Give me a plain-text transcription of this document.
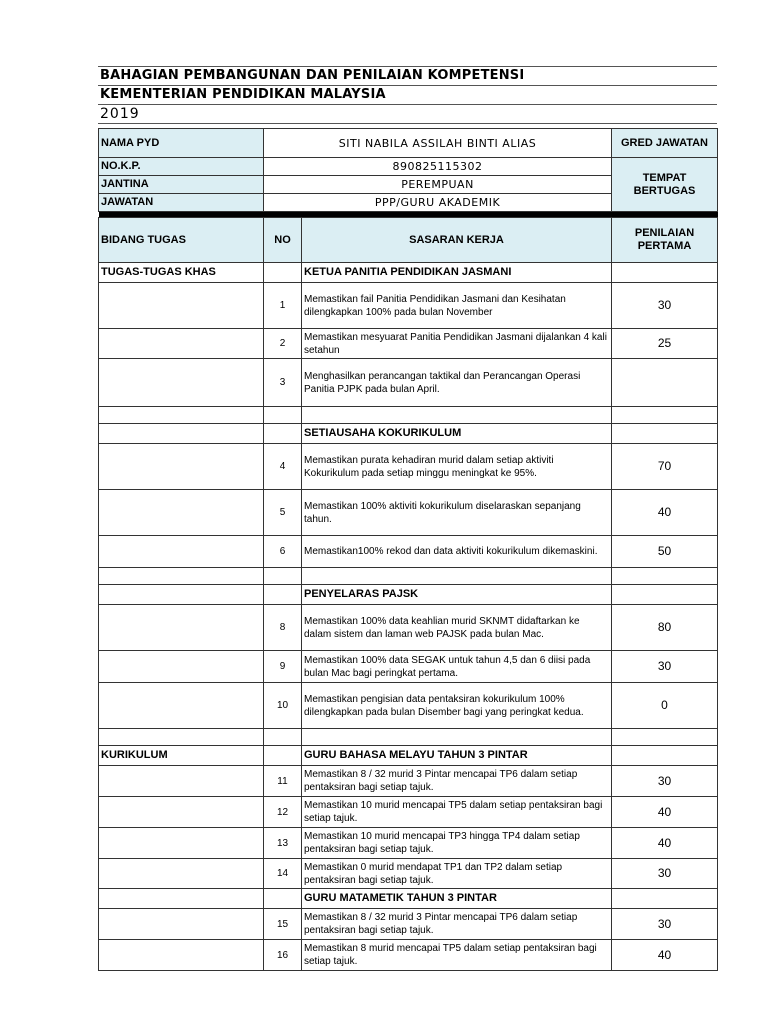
BAHAGIAN PEMBANGUNAN DAN PENILAIAN KOMPETENSI
KEMENTERIAN PENDIDIKAN MALAYSIA
2019
NAMA PYD	SITI NABILA ASSILAH BINTI ALIAS	GRED JAWATAN
NO.K.P.	890825115302	TEMPAT BERTUGAS
JANTINA	PEREMPUAN	
JAWATAN	PPP/GURU AKADEMIK	

BIDANG TUGAS	NO	SASARAN KERJA	PENILAIAN PERTAMA
TUGAS-TUGAS KHAS		KETUA PANITIA PENDIDIKAN JASMANI	
	1	Memastikan fail Panitia Pendidikan Jasmani dan Kesihatan dilengkapkan 100% pada bulan November	30
	2	Memastikan mesyuarat Panitia Pendidikan Jasmani dijalankan 4 kali setahun	25
	3	Menghasilkan perancangan taktikal dan Perancangan Operasi Panitia PJPK pada bulan April.	

		SETIAUSAHA KOKURIKULUM	
	4	Memastikan purata kehadiran murid dalam setiap aktiviti Kokurikulum pada setiap minggu meningkat ke 95%.	70
	5	Memastikan 100% aktiviti kokurikulum diselaraskan sepanjang tahun.	40
	6	Memastikan100% rekod dan data aktiviti kokurikulum dikemaskini.	50

		PENYELARAS PAJSK	
	8	Memastikan 100% data keahlian murid SKNMT didaftarkan ke dalam sistem dan laman web PAJSK pada bulan Mac.	80
	9	Memastikan 100% data SEGAK untuk tahun 4,5 dan 6 diisi pada bulan Mac bagi peringkat pertama.	30
	10	Memastikan pengisian data pentaksiran kokurikulum 100% dilengkapkan pada bulan Disember bagi yang peringkat kedua.	0

KURIKULUM		GURU BAHASA MELAYU TAHUN 3 PINTAR	
	11	Memastikan 8 / 32 murid 3 Pintar mencapai TP6 dalam setiap pentaksiran bagi setiap tajuk.	30
	12	Memastikan 10 murid mencapai TP5 dalam setiap pentaksiran bagi setiap tajuk.	40
	13	Memastikan 10 murid mencapai TP3 hingga TP4 dalam setiap pentaksiran bagi setiap tajuk.	40
	14	Memastikan 0 murid mendapat TP1 dan TP2 dalam setiap pentaksiran bagi setiap tajuk.	30
		GURU MATAMETIK TAHUN 3 PINTAR	
	15	Memastikan 8 / 32 murid 3 Pintar mencapai TP6 dalam setiap pentaksiran bagi setiap tajuk.	30
	16	Memastikan 8 murid mencapai TP5 dalam setiap pentaksiran bagi setiap tajuk.	40
